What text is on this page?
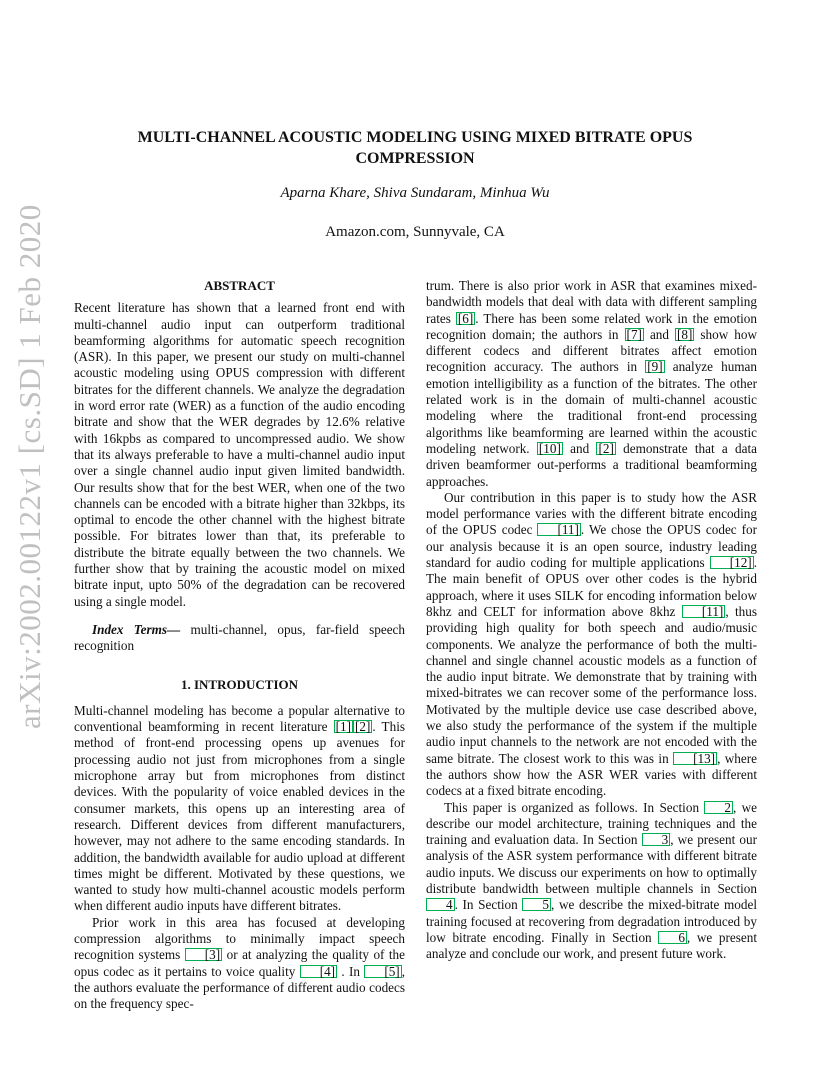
arXiv:2002.00122v1 [cs.SD] 1 Feb 2020
MULTI-CHANNEL ACOUSTIC MODELING USING MIXED BITRATE OPUS COMPRESSION
Aparna Khare, Shiva Sundaram, Minhua Wu
Amazon.com, Sunnyvale, CA
ABSTRACT

Recent literature has shown that a learned front end with multi-channel audio input can outperform traditional beamforming algorithms for automatic speech recognition (ASR). In this paper, we present our study on multi-channel acoustic modeling using OPUS compression with different bitrates for the different channels. We analyze the degradation in word error rate (WER) as a function of the audio encoding bitrate and show that the WER degrades by 12.6% relative with 16kpbs as compared to uncompressed audio. We show that its always preferable to have a multi-channel audio input over a single channel audio input given limited bandwidth. Our results show that for the best WER, when one of the two channels can be encoded with a bitrate higher than 32kbps, its optimal to encode the other channel with the highest bitrate possible. For bitrates lower than that, its preferable to distribute the bitrate equally between the two channels. We further show that by training the acoustic model on mixed bitrate input, upto 50% of the degradation can be recovered using a single model.

Index Terms— multi-channel, opus, far-field speech recognition

1. INTRODUCTION

Multi-channel modeling has become a popular alternative to conventional beamforming in recent literature [1] [2] . This method of front-end processing opens up avenues for processing audio not just from microphones from a single microphone array but from microphones from distinct devices. With the popularity of voice enabled devices in the consumer markets, this opens up an interesting area of research. Different devices from different manufacturers, however, may not adhere to the same encoding standards. In addition, the bandwidth available for audio upload at different times might be different. Motivated by these questions, we wanted to study how multi-channel acoustic models perform when different audio inputs have different bitrates.

Prior work in this area has focused at developing compression algorithms to minimally impact speech recognition systems [3] or at analyzing the quality of the opus codec as it pertains to voice quality [4] . In [5] , the authors evaluate the performance of different audio codecs on the frequency spec-

trum. There is also prior work in ASR that examines mixed-bandwidth models that deal with data with different sampling rates [6] . There has been some related work in the emotion recognition domain; the authors in [7] and [8] show how different codecs and different bitrates affect emotion recognition accuracy. The authors in [9] analyze human emotion intelligibility as a function of the bitrates. The other related work is in the domain of multi-channel acoustic modeling where the traditional front-end processing algorithms like beamforming are learned within the acoustic modeling network. [10] and [2] demonstrate that a data driven beamformer out-performs a traditional beamforming approaches.

Our contribution in this paper is to study how the ASR model performance varies with the different bitrate encoding of the OPUS codec [11] . We chose the OPUS codec for our analysis because it is an open source, industry leading standard for audio coding for multiple applications [12] . The main benefit of OPUS over other codes is the hybrid approach, where it uses SILK for encoding information below 8khz and CELT for information above 8khz [11] , thus providing high quality for both speech and audio/music components. We analyze the performance of both the multi-channel and single channel acoustic models as a function of the audio input bitrate. We demonstrate that by training with mixed-bitrates we can recover some of the performance loss. Motivated by the multiple device use case described above, we also study the performance of the system if the multiple audio input channels to the network are not encoded with the same bitrate. The closest work to this was in [13] , where the authors show how the ASR WER varies with different codecs at a fixed bitrate encoding.

This paper is organized as follows. In Section 2 , we describe our model architecture, training techniques and the training and evaluation data. In Section 3 , we present our analysis of the ASR system performance with different bitrate audio inputs. We discuss our experiments on how to optimally distribute bandwidth between multiple channels in Section 4 . In Section 5 , we describe the mixed-bitrate model training focused at recovering from degradation introduced by low bitrate encoding. Finally in Section 6 , we present analyze and conclude our work, and present future work.
